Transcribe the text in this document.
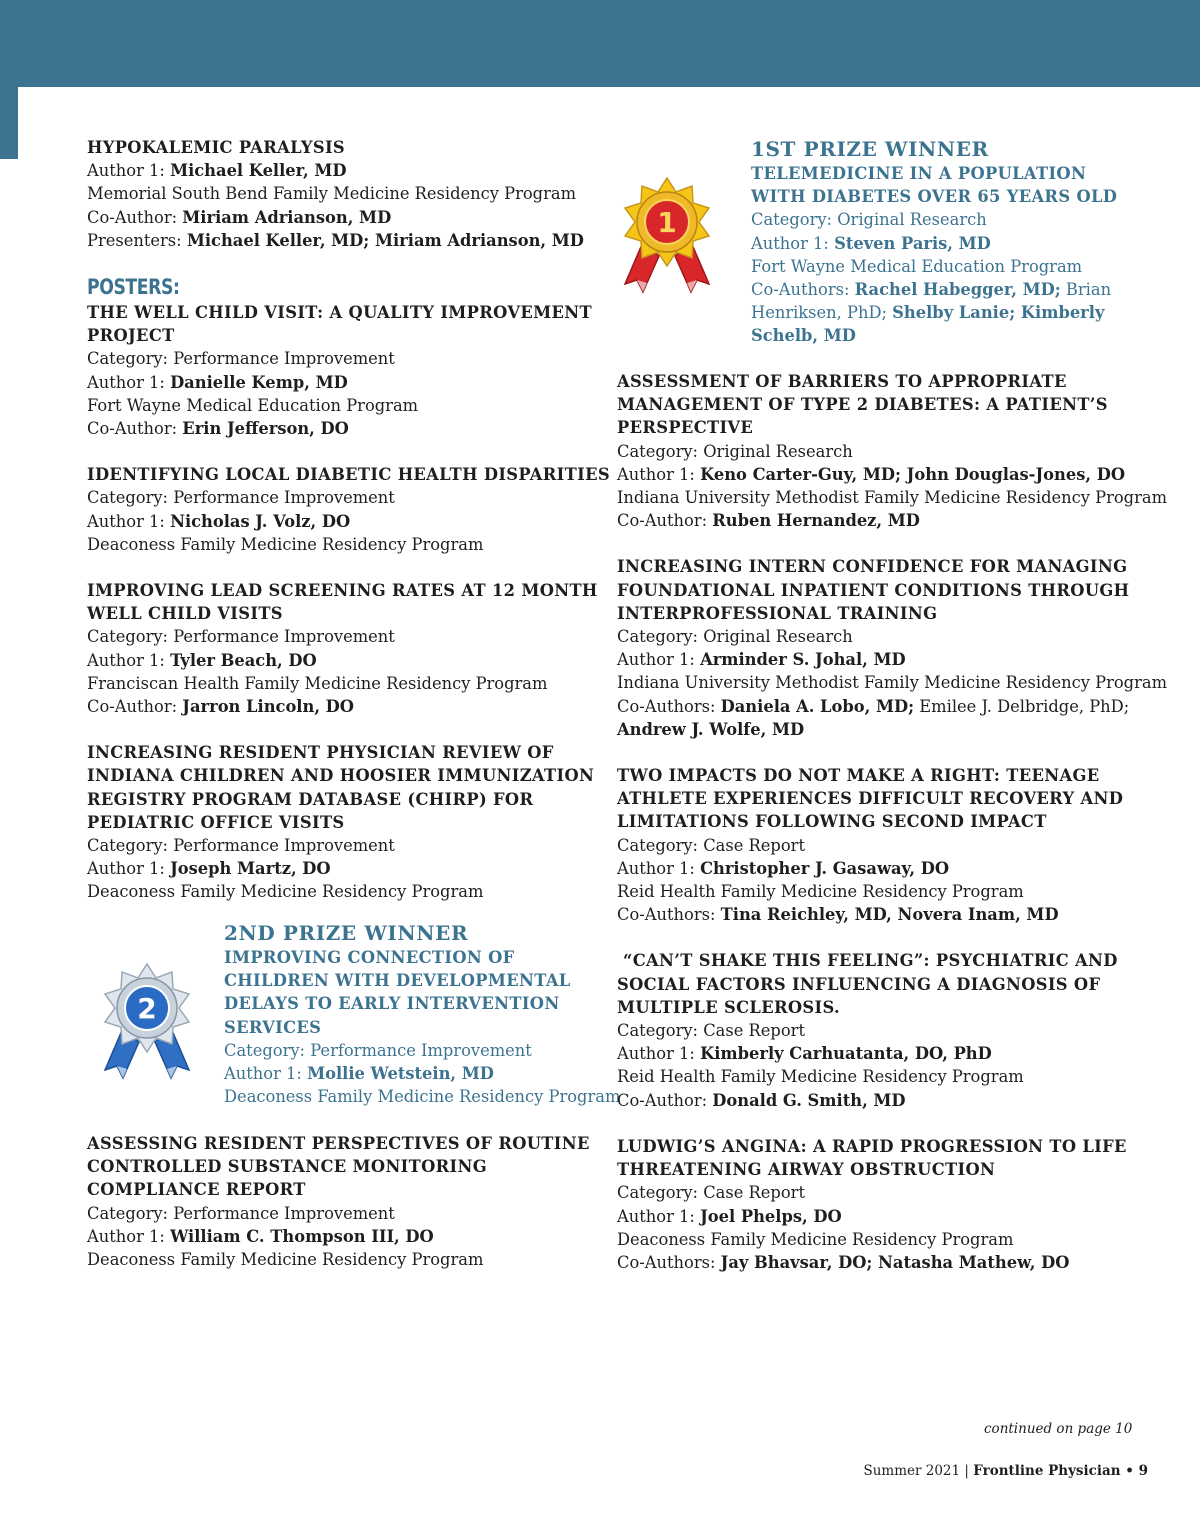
HYPOKALEMIC PARALYSIS
Author 1: Michael Keller, MD
Memorial South Bend Family Medicine Residency Program
Co-Author: Miriam Adrianson, MD
Presenters: Michael Keller, MD; Miriam Adrianson, MD
POSTERS:
THE WELL CHILD VISIT: A QUALITY IMPROVEMENT
PROJECT
Category: Performance Improvement
Author 1: Danielle Kemp, MD
Fort Wayne Medical Education Program
Co-Author: Erin Jefferson, DO
IDENTIFYING LOCAL DIABETIC HEALTH DISPARITIES
Category: Performance Improvement
Author 1: Nicholas J. Volz, DO
Deaconess Family Medicine Residency Program
IMPROVING LEAD SCREENING RATES AT 12 MONTH
WELL CHILD VISITS
Category: Performance Improvement
Author 1: Tyler Beach, DO
Franciscan Health Family Medicine Residency Program
Co-Author: Jarron Lincoln, DO
INCREASING RESIDENT PHYSICIAN REVIEW OF
INDIANA CHILDREN AND HOOSIER IMMUNIZATION
REGISTRY PROGRAM DATABASE (CHIRP) FOR
PEDIATRIC OFFICE VISITS
Category: Performance Improvement
Author 1: Joseph Martz, DO
Deaconess Family Medicine Residency Program
2
2ND PRIZE WINNER
IMPROVING CONNECTION OF
CHILDREN WITH DEVELOPMENTAL
DELAYS TO EARLY INTERVENTION
SERVICES
Category: Performance Improvement
Author 1: Mollie Wetstein, MD
Deaconess Family Medicine Residency Program
ASSESSING RESIDENT PERSPECTIVES OF ROUTINE
CONTROLLED SUBSTANCE MONITORING
COMPLIANCE REPORT
Category: Performance Improvement
Author 1: William C. Thompson III, DO
Deaconess Family Medicine Residency Program
1
1ST PRIZE WINNER
TELEMEDICINE IN A POPULATION
WITH DIABETES OVER 65 YEARS OLD
Category: Original Research
Author 1: Steven Paris, MD
Fort Wayne Medical Education Program
Co-Authors: Rachel Habegger, MD; Brian
Henriksen, PhD; Shelby Lanie; Kimberly
Schelb, MD
ASSESSMENT OF BARRIERS TO APPROPRIATE
MANAGEMENT OF TYPE 2 DIABETES: A PATIENT’S
PERSPECTIVE
Category: Original Research
Author 1: Keno Carter-Guy, MD; John Douglas-Jones, DO
Indiana University Methodist Family Medicine Residency Program
Co-Author: Ruben Hernandez, MD
INCREASING INTERN CONFIDENCE FOR MANAGING
FOUNDATIONAL INPATIENT CONDITIONS THROUGH
INTERPROFESSIONAL TRAINING
Category: Original Research
Author 1: Arminder S. Johal, MD
Indiana University Methodist Family Medicine Residency Program
Co-Authors: Daniela A. Lobo, MD; Emilee J. Delbridge, PhD;
Andrew J. Wolfe, MD
TWO IMPACTS DO NOT MAKE A RIGHT: TEENAGE
ATHLETE EXPERIENCES DIFFICULT RECOVERY AND
LIMITATIONS FOLLOWING SECOND IMPACT
Category: Case Report
Author 1: Christopher J. Gasaway, DO
Reid Health Family Medicine Residency Program
Co-Authors: Tina Reichley, MD, Novera Inam, MD
“CAN’T SHAKE THIS FEELING”: PSYCHIATRIC AND
SOCIAL FACTORS INFLUENCING A DIAGNOSIS OF
MULTIPLE SCLEROSIS.
Category: Case Report
Author 1: Kimberly Carhuatanta, DO, PhD
Reid Health Family Medicine Residency Program
Co-Author: Donald G. Smith, MD
LUDWIG’S ANGINA: A RAPID PROGRESSION TO LIFE
THREATENING AIRWAY OBSTRUCTION
Category: Case Report
Author 1: Joel Phelps, DO
Deaconess Family Medicine Residency Program
Co-Authors: Jay Bhavsar, DO; Natasha Mathew, DO
continued on page 10
Summer 2021 | Frontline Physician • 9
